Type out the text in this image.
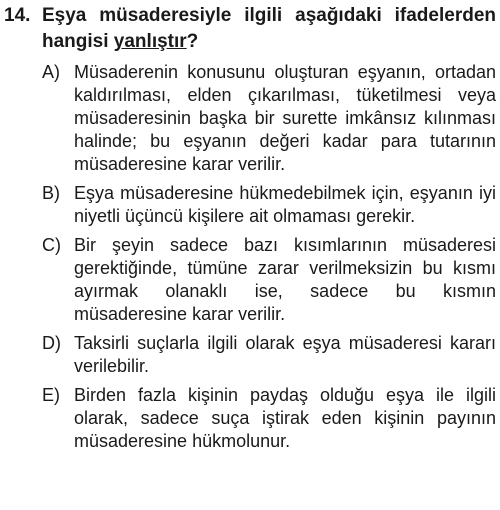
14. Eşya müsaderesiyle ilgili aşağıdaki ifadelerden hangisi yanlıştır?
A) Müsaderenin konusunu oluşturan eşyanın, ortadan kaldırılması, elden çıkarılması, tüketilmesi veya müsaderesinin başka bir surette imkânsız kılınması halinde; bu eşyanın değeri kadar para tutarının müsaderesine karar verilir.
B) Eşya müsaderesine hükmedebilmek için, eşyanın iyi niyetli üçüncü kişilere ait olmaması gerekir.
C) Bir şeyin sadece bazı kısımlarının müsaderesi gerektiğinde, tümüne zarar verilmeksizin bu kısmı ayırmak olanaklı ise, sadece bu kısmın müsaderesine karar verilir.
D) Taksirli suçlarla ilgili olarak eşya müsaderesi kararı verilebilir.
E) Birden fazla kişinin paydaş olduğu eşya ile ilgili olarak, sadece suça iştirak eden kişinin payının müsaderesine hükmolunur.
